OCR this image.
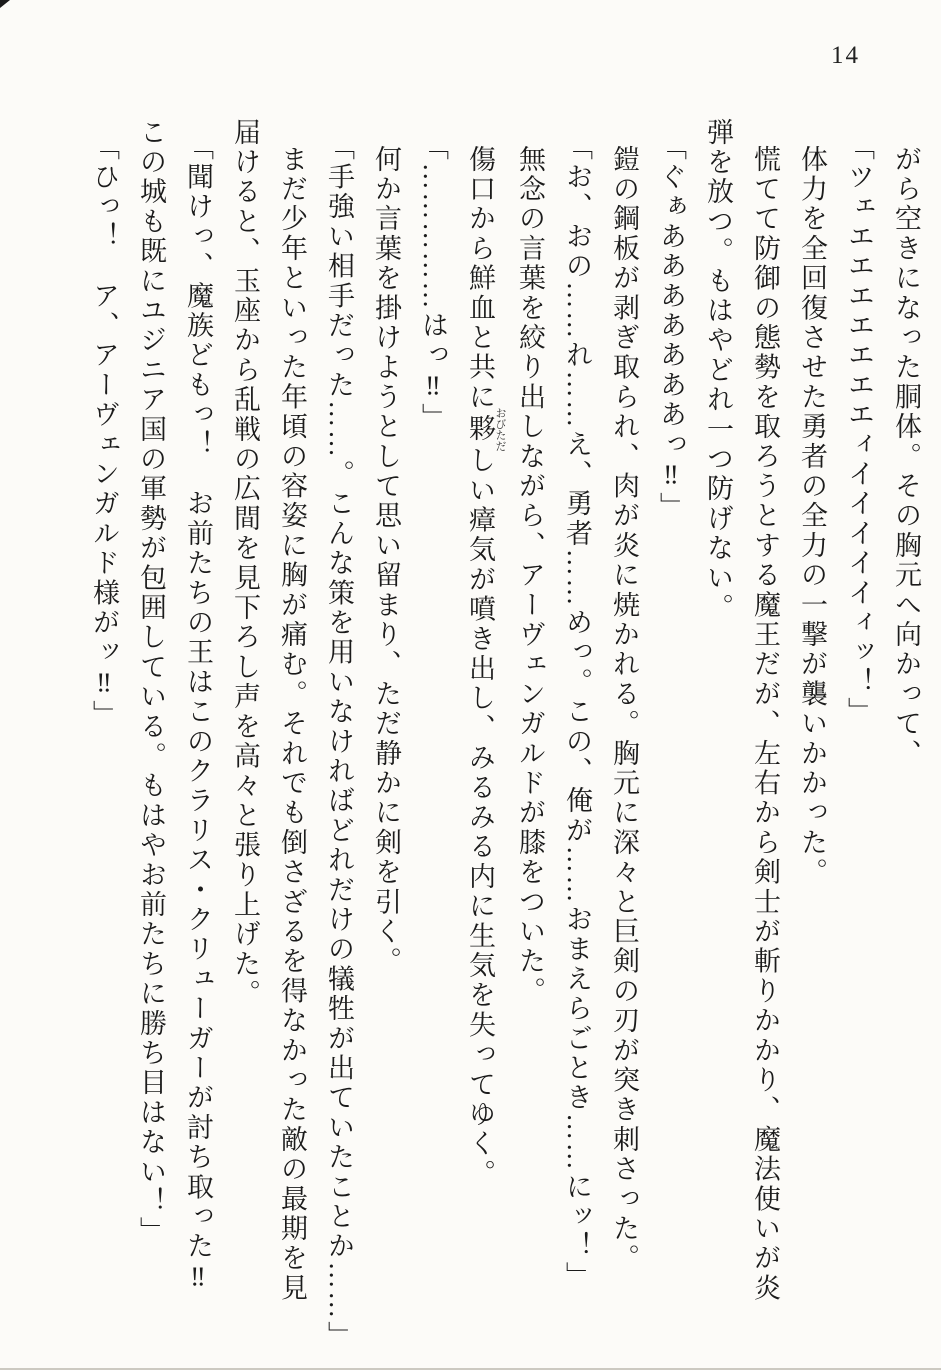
14

がら空きになった胴体。その胸元へ向かって、

「ツェエエエエエエエィイイイイイィッ！」

体力を全回復させた勇者の全力の一撃が襲いかかった。

慌てて防御の態勢を取ろうとする魔王だが、左右から剣士が斬りかかり、魔法使いが炎弾を放つ。もはやどれ一つ防げない。

「ぐぁあああああああっ‼」

鎧の鋼板が剥ぎ取られ、肉が炎に焼かれる。胸元に深々と巨剣の刃が突き刺さった。

「お、おの……れ……え、勇者……めっ。この、俺が……おまえらごとき……にッ！」

無念の言葉を絞り出しながら、アーヴェンガルドが膝をついた。

傷口から鮮血と共に夥 おびただしい瘴気が噴き出し、みるみる内に生気を失ってゆく。

「……………はっ‼」

何か言葉を掛けようとして思い留まり、ただ静かに剣を引く。

「手強い相手だった……。こんな策を用いなければどれだけの犠牲が出ていたことか……」

まだ少年といった年頃の容姿に胸が痛む。それでも倒さざるを得なかった敵の最期を見届けると、玉座から乱戦の広間を見下ろし声を高々と張り上げた。

「聞けっ、魔族どもっ！　お前たちの王はこのクラリス・クリューガーが討ち取った‼この城も既にユジニア国の軍勢が包囲している。もはやお前たちに勝ち目はない！」

「ひっ！　ア、アーヴェンガルド様がッ‼」
